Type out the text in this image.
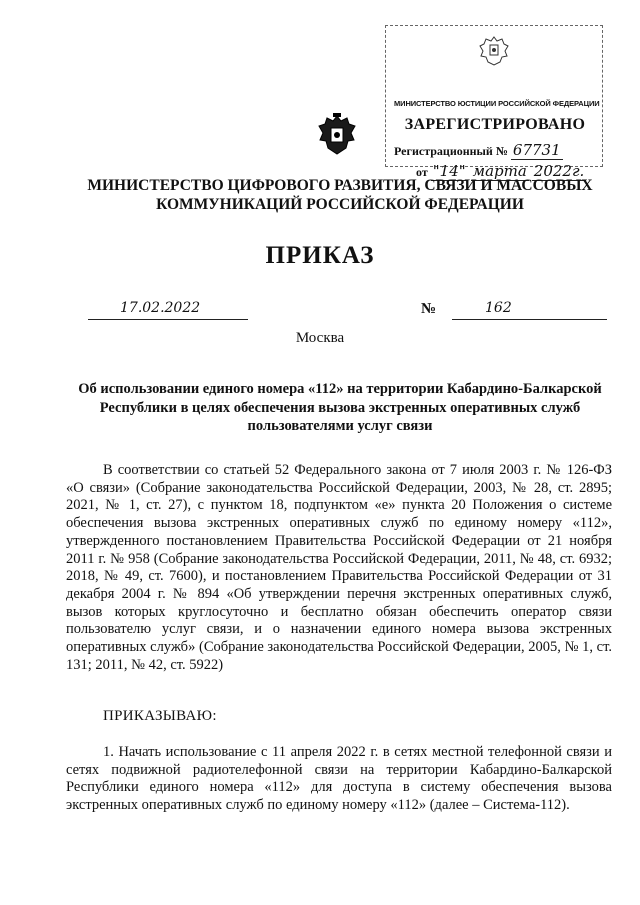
МИНИСТЕРСТВО ЮСТИЦИИ РОССИЙСКОЙ ФЕДЕРАЦИИ
ЗАРЕГИСТРИРОВАНО
Регистрационный № 67731
от "14" марта 2022г.
МИНИСТЕРСТВО ЦИФРОВОГО РАЗВИТИЯ, СВЯЗИ И МАССОВЫХ КОММУНИКАЦИЙ РОССИЙСКОЙ ФЕДЕРАЦИИ
ПРИКАЗ
17.02.2022	№	162
Москва
Об использовании единого номера «112» на территории Кабардино-Балкарской Республики в целях обеспечения вызова экстренных оперативных служб пользователями услуг связи

В соответствии со статьей 52 Федерального закона от 7 июля 2003 г. № 126-ФЗ «О связи» (Собрание законодательства Российской Федерации, 2003, № 28, ст. 2895; 2021, № 1, ст. 27), с пунктом 18, подпунктом «е» пункта 20 Положения о системе обеспечения вызова экстренных оперативных служб по единому номеру «112», утвержденного постановлением Правительства Российской Федерации от 21 ноября 2011 г. № 958 (Собрание законодательства Российской Федерации, 2011, № 48, ст. 6932; 2018, № 49, ст. 7600), и постановлением Правительства Российской Федерации от 31 декабря 2004 г. № 894 «Об утверждении перечня экстренных оперативных служб, вызов которых круглосуточно и бесплатно обязан обеспечить оператор связи пользователю услуг связи, и о назначении единого номера вызова экстренных оперативных служб» (Собрание законодательства Российской Федерации, 2005, № 1, ст. 131; 2011, № 42, ст. 5922)

ПРИКАЗЫВАЮ:
1. Начать использование с 11 апреля 2022 г. в сетях местной телефонной связи и сетях подвижной радиотелефонной связи на территории Кабардино-Балкарской Республики единого номера «112» для доступа в систему обеспечения вызова экстренных оперативных служб по единому номеру «112» (далее – Система-112).
